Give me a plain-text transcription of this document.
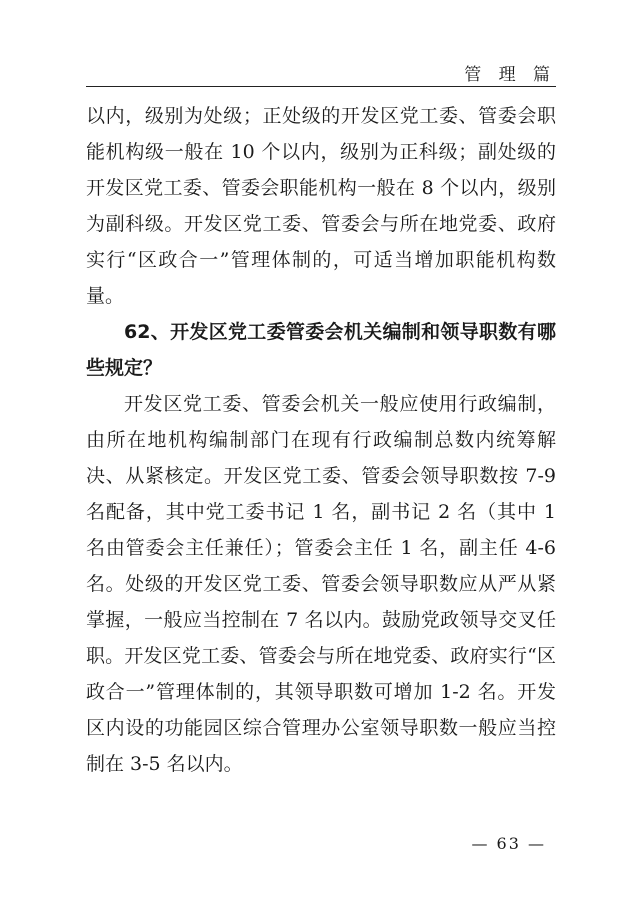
管 理 篇

以内，级别为处级；正处级的开发区党工委、管委会职能机构级一般在 10 个以内，级别为正科级；副处级的开发区党工委、管委会职能机构一般在 8 个以内，级别为副科级。开发区党工委、管委会与所在地党委、政府实行“区政合一”管理体制的，可适当增加职能机构数量。

62、开发区党工委管委会机关编制和领导职数有哪些规定？

开发区党工委、管委会机关一般应使用行政编制，由所在地机构编制部门在现有行政编制总数内统筹解决、从紧核定。开发区党工委、管委会领导职数按 7-9 名配备，其中党工委书记 1 名，副书记 2 名（其中 1 名由管委会主任兼任）；管委会主任 1 名，副主任 4-6 名。处级的开发区党工委、管委会领导职数应从严从紧掌握，一般应当控制在 7 名以内。鼓励党政领导交叉任职。开发区党工委、管委会与所在地党委、政府实行“区政合一”管理体制的，其领导职数可增加 1-2 名。开发区内设的功能园区综合管理办公室领导职数一般应当控制在 3-5 名以内。

— 63 —
